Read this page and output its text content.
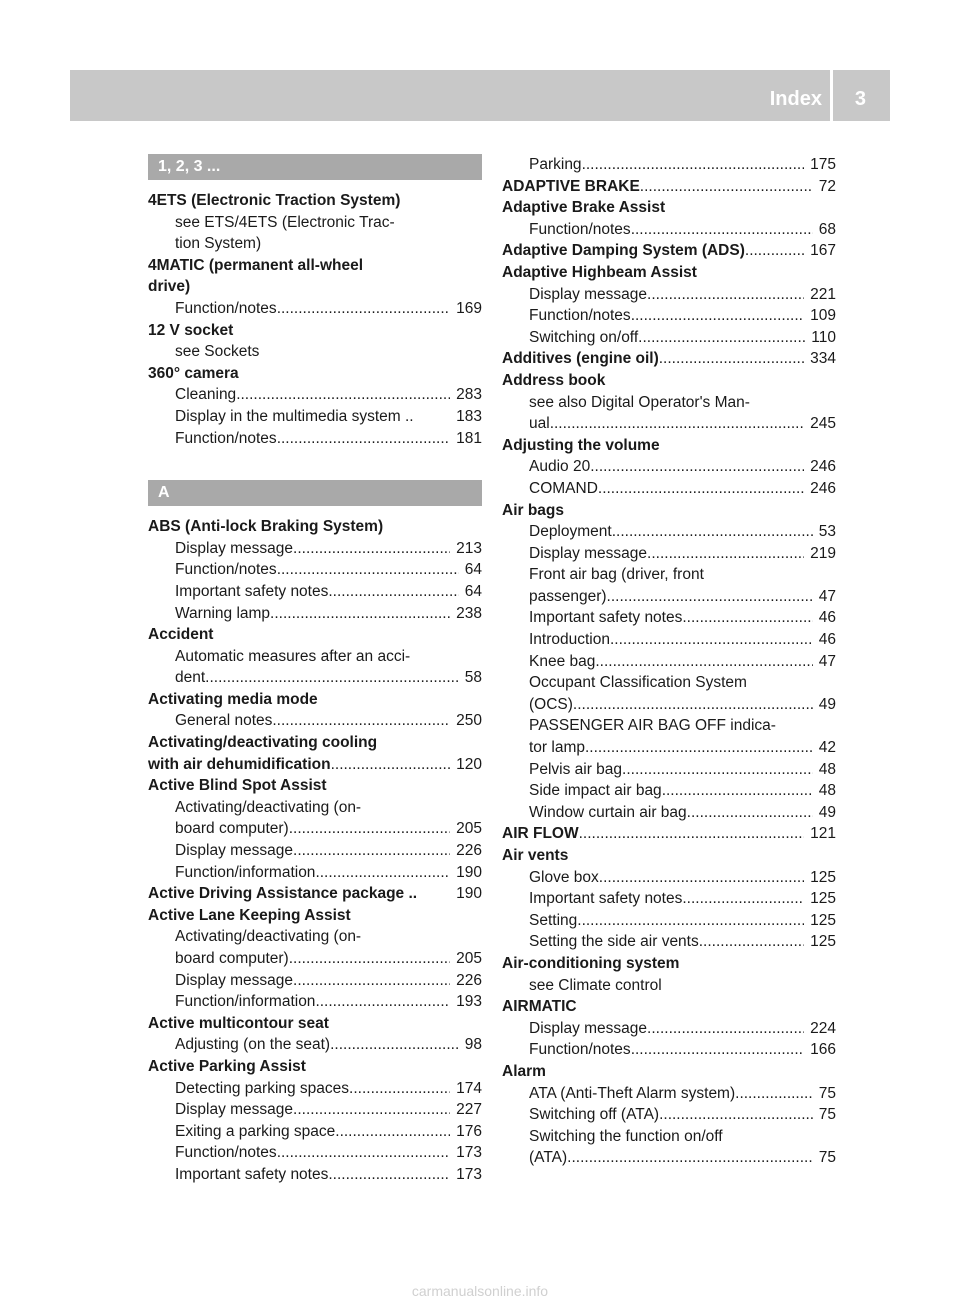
Index 3
1, 2, 3 ...
4ETS (Electronic Traction System)
see ETS/4ETS (Electronic Trac-
tion System)
4MATIC (permanent all-wheel
drive)
Function/notes .....	169
12 V socket
see Sockets
360° camera
Cleaning .....	283
Display in the multimedia system ..	183
Function/notes .....	181
A
ABS (Anti-lock Braking System)
Display message .....	213
Function/notes .....	64
Important safety notes .....	64
Warning lamp .....	238
Accident
Automatic measures after an acci-
dent .....	58
Activating media mode
General notes .....	250
Activating/deactivating cooling
with air dehumidification .....	120
Active Blind Spot Assist
Activating/deactivating (on-
board computer) .....	205
Display message .....	226
Function/information .....	190
Active Driving Assistance package ..	190
Active Lane Keeping Assist
Activating/deactivating (on-
board computer) .....	205
Display message .....	226
Function/information .....	193
Active multicontour seat
Adjusting (on the seat) .....	98
Active Parking Assist
Detecting parking spaces .....	174
Display message .....	227
Exiting a parking space .....	176
Function/notes .....	173
Important safety notes .....	173
Parking .....	175
ADAPTIVE BRAKE .....	72
Adaptive Brake Assist
Function/notes .....	68
Adaptive Damping System (ADS) .....	167
Adaptive Highbeam Assist
Display message .....	221
Function/notes .....	109
Switching on/off .....	110
Additives (engine oil) .....	334
Address book
see also Digital Operator's Man-
ual .....	245
Adjusting the volume
Audio 20 .....	246
COMAND .....	246
Air bags
Deployment .....	53
Display message .....	219
Front air bag (driver, front
passenger) .....	47
Important safety notes .....	46
Introduction .....	46
Knee bag .....	47
Occupant Classification System
(OCS) .....	49
PASSENGER AIR BAG OFF indica-
tor lamp .....	42
Pelvis air bag .....	48
Side impact air bag .....	48
Window curtain air bag .....	49
AIR FLOW .....	121
Air vents
Glove box .....	125
Important safety notes .....	125
Setting .....	125
Setting the side air vents .....	125
Air-conditioning system
see Climate control
AIRMATIC
Display message .....	224
Function/notes .....	166
Alarm
ATA (Anti-Theft Alarm system) .....	75
Switching off (ATA) .....	75
Switching the function on/off
(ATA) .....	75
carmanualsonline.info
